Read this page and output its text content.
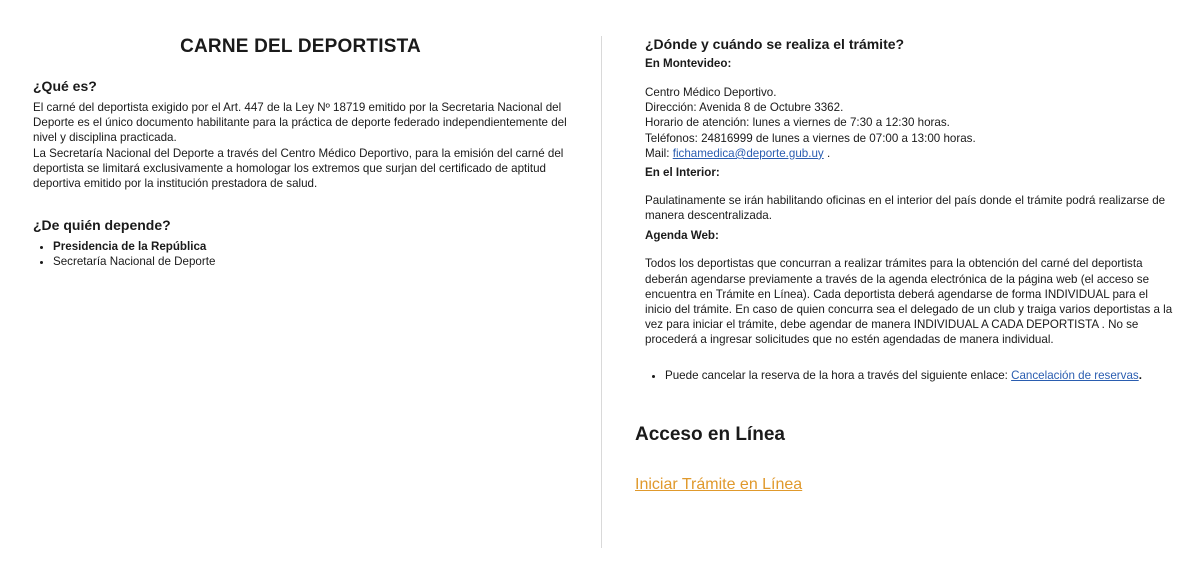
CARNE DEL DEPORTISTA
¿Qué es?

El carné del deportista exigido por el Art. 447 de la Ley Nº 18719 emitido por la Secretaria Nacional del Deporte es el único documento habilitante para la práctica de deporte federado independientemente del nivel y disciplina practicada.

La Secretaría Nacional del Deporte a través del Centro Médico Deportivo, para la emisión del carné del deportista se limitará exclusivamente a homologar los extremos que surjan del certificado de aptitud deportiva emitido por la institución prestadora de salud.

¿De quién depende?
• Presidencia de la República
• Secretaría Nacional de Deporte
¿Dónde y cuándo se realiza el trámite?
En Montevideo:

Centro Médico Deportivo.

Dirección: Avenida 8 de Octubre 3362.

Horario de atención: lunes a viernes de 7:30 a 12:30 horas.

Teléfonos: 24816999 de lunes a viernes de 07:00 a 13:00 horas.

Mail: fichamedica@deporte.gub.uy .

En el Interior:

Paulatinamente se irán habilitando oficinas en el interior del país donde el trámite podrá realizarse de manera descentralizada.

Agenda Web:

Todos los deportistas que concurran a realizar trámites para la obtención del carné del deportista deberán agendarse previamente a través de la agenda electrónica de la página web (el acceso se encuentra en Trámite en Línea). Cada deportista deberá agendarse de forma INDIVIDUAL para el inicio del trámite. En caso de quien concurra sea el delegado de un club y traiga varios deportistas a la vez para iniciar el trámite, debe agendar de manera INDIVIDUAL A CADA DEPORTISTA . No se procederá a ingresar solicitudes que no estén agendadas de manera individual.

• Puede cancelar la reserva de la hora a través del siguiente enlace: Cancelación de reservas.
Acceso en Línea
Iniciar Trámite en Línea
